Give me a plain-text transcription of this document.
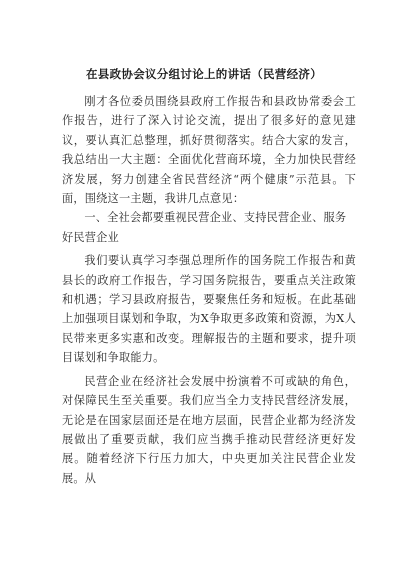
在县政协会议分组讨论上的讲话（民营经济）

刚才各位委员围绕县政府工作报告和县政协常委会工作报告，进行了深入讨论交流，提出了很多好的意见建议，要认真汇总整理，抓好贯彻落实。结合大家的发言，我总结出一大主题：全面优化营商环境，全力加快民营经济发展，努力创建全省民营经济“两个健康”示范县。下面，围绕这一主题，我讲几点意见：

一、全社会都要重视民营企业、支持民营企业、服务好民营企业

我们要认真学习李强总理所作的国务院工作报告和黄县长的政府工作报告，学习国务院报告，要重点关注政策和机遇；学习县政府报告，要聚焦任务和短板。在此基础上加强项目谋划和争取，为X争取更多政策和资源，为X人民带来更多实惠和改变。理解报告的主题和要求，提升项目谋划和争取能力。

民营企业在经济社会发展中扮演着不可或缺的角色，对保障民生至关重要。我们应当全力支持民营经济发展，无论是在国家层面还是在地方层面，民营企业都为经济发展做出了重要贡献，我们应当携手推动民营经济更好发展。随着经济下行压力加大，中央更加关注民营企业发展。从
